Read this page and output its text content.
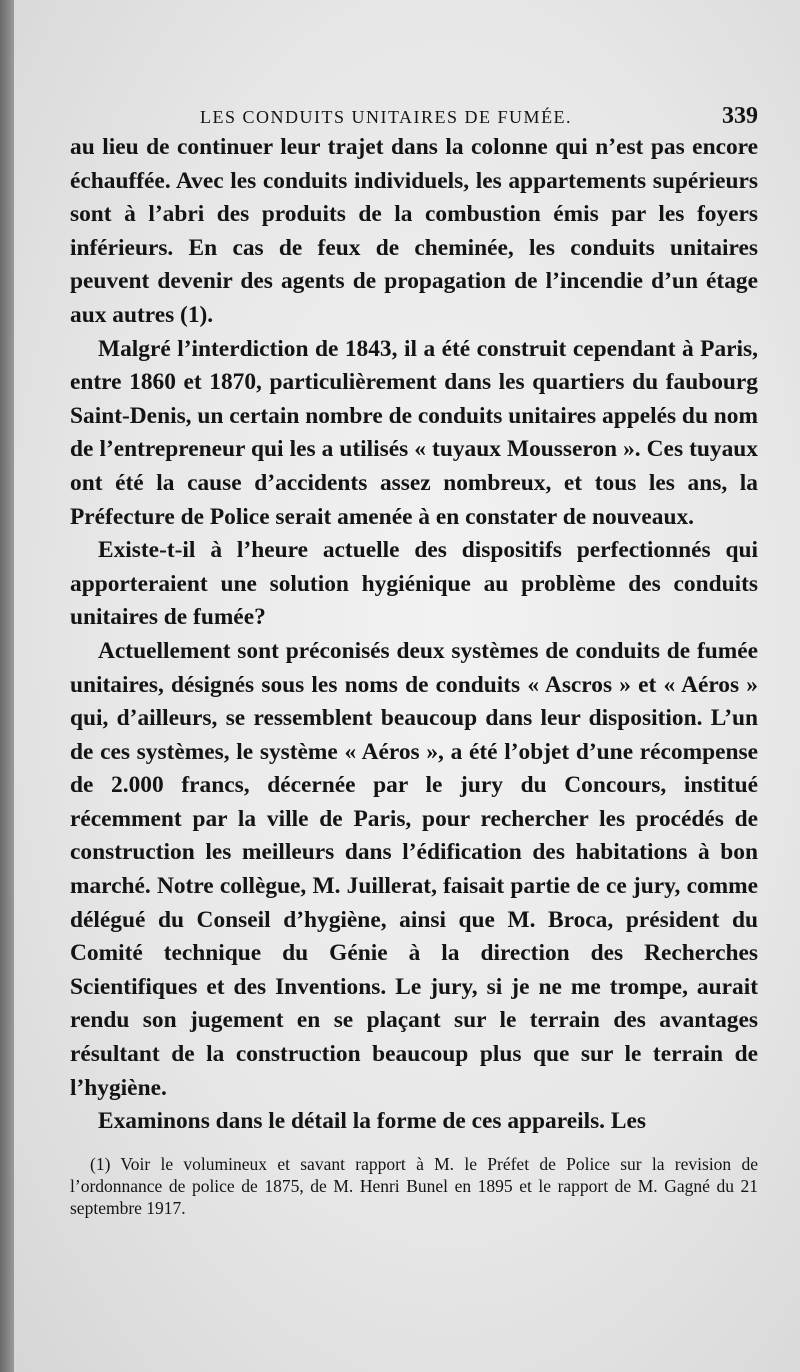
LES CONDUITS UNITAIRES DE FUMÉE.	339

au lieu de continuer leur trajet dans la colonne qui n’est pas encore échauffée. Avec les conduits individuels, les appartements supérieurs sont à l’abri des produits de la combustion émis par les foyers inférieurs. En cas de feux de cheminée, les conduits unitaires peuvent devenir des agents de propagation de l’incendie d’un étage aux autres (1).

Malgré l’interdiction de 1843, il a été construit cependant à Paris, entre 1860 et 1870, particulièrement dans les quartiers du faubourg Saint-Denis, un certain nombre de conduits unitaires appelés du nom de l’entrepreneur qui les a utilisés « tuyaux Mousseron ». Ces tuyaux ont été la cause d’accidents assez nombreux, et tous les ans, la Préfecture de Police serait amenée à en constater de nouveaux.

Existe-t-il à l’heure actuelle des dispositifs perfectionnés qui apporteraient une solution hygiénique au problème des conduits unitaires de fumée?

Actuellement sont préconisés deux systèmes de conduits de fumée unitaires, désignés sous les noms de conduits « Ascros » et « Aéros » qui, d’ailleurs, se ressemblent beaucoup dans leur disposition. L’un de ces systèmes, le système « Aéros », a été l’objet d’une récompense de 2.000 francs, décernée par le jury du Concours, institué récemment par la ville de Paris, pour rechercher les procédés de construction les meilleurs dans l’édification des habitations à bon marché. Notre collègue, M. Juillerat, faisait partie de ce jury, comme délégué du Conseil d’hygiène, ainsi que M. Broca, président du Comité technique du Génie à la direction des Recherches Scientifiques et des Inventions. Le jury, si je ne me trompe, aurait rendu son jugement en se plaçant sur le terrain des avantages résultant de la construction beaucoup plus que sur le terrain de l’hygiène.

Examinons dans le détail la forme de ces appareils. Les

(1) Voir le volumineux et savant rapport à M. le Préfet de Police sur la revision de l’ordonnance de police de 1875, de M. Henri Bunel en 1895 et le rapport de M. Gagné du 21 septembre 1917.
